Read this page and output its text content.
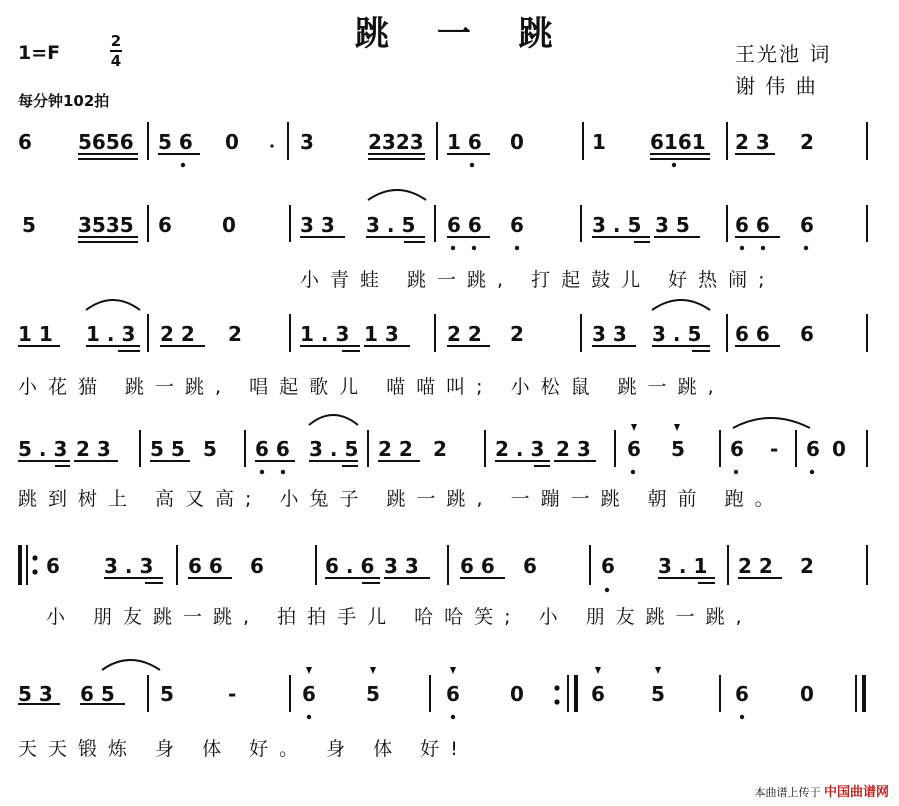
跳 一 跳
1=F
2
4
每分钟102拍
王光池 词
谢 伟 曲
6 5656 5 6 0	3	2323 1 6 0	1 6161 2 3 2
5 3535 6	0	3 3 3 . 5 6 6 6	3 . 5 3 5 6 6 6
小青蛙 跳一跳, 打起鼓儿 好热闹;
1 1 1 . 3 2 2 2	1 . 3 1 3 2 2 2	3 3 3 . 5 6 6 6
小花猫 跳一跳, 唱起歌儿 喵喵叫; 小松鼠 跳一跳,
5 . 3 2 3 5 5 5 6 6 3 . 5 2 2 2 2 . 3 2 3 6 5 6 - 6 0
跳到树上 高又高; 小兔子 跳一跳, 一蹦一跳 朝前 跑。
6 3 . 3 6 6 6	6 . 6 3 3 6 6 6	6 3 . 1 2 2 2
小 朋友跳一跳, 拍拍手儿 哈哈笑; 小 朋友跳一跳,
5 3 6 5 5	-	6	5	6	0	6 5	6	0
天天锻炼 身 体 好。 身 体 好!
本曲谱上传于 中国曲谱网
